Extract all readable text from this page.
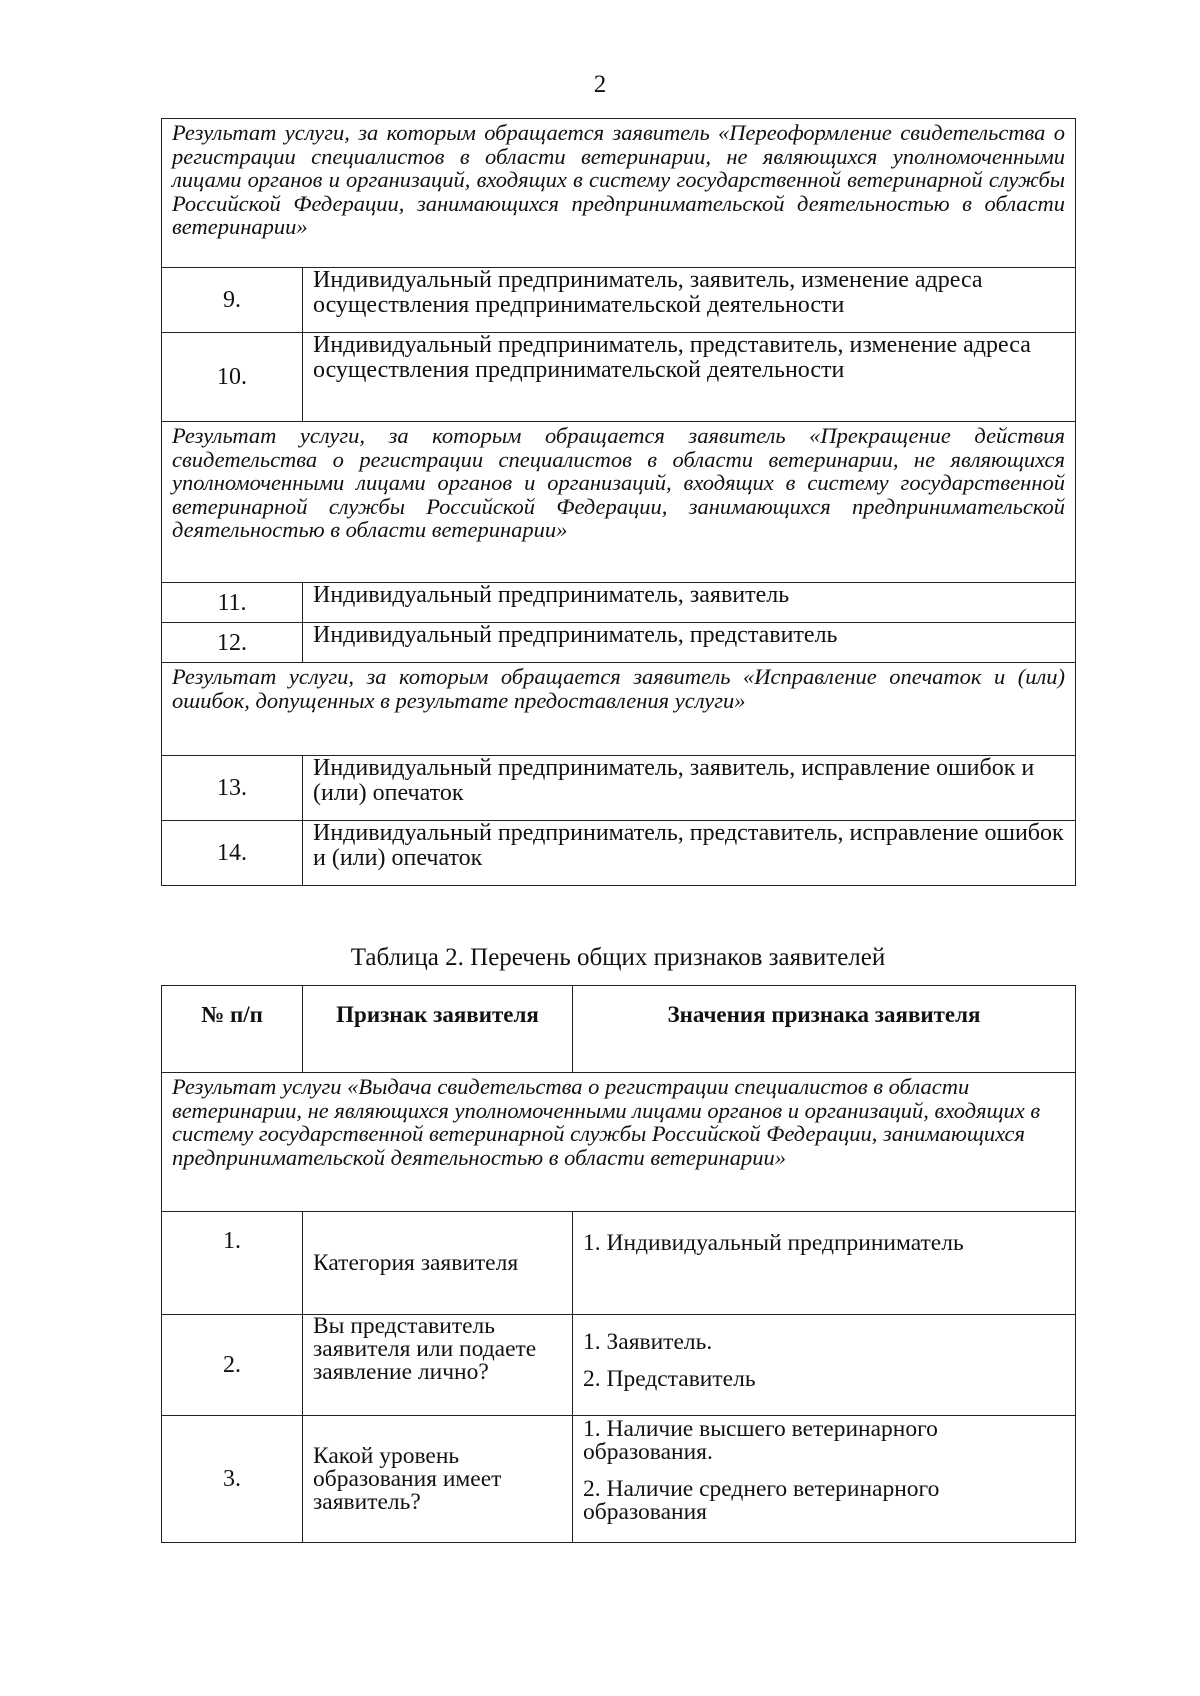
2
Результат услуги, за которым обращается заявитель «Переоформление свидетельства о регистрации специалистов в области ветеринарии, не являющихся уполномоченными лицами органов и организаций, входящих в систему государственной ветеринарной службы Российской Федерации, занимающихся предпринимательской деятельностью в области ветеринарии»	
9.	Индивидуальный предприниматель, заявитель, изменение адреса осуществления предпринимательской деятельности
10.	Индивидуальный предприниматель, представитель, изменение адреса осуществления предпринимательской деятельности
Результат услуги, за которым обращается заявитель «Прекращение действия свидетельства о регистрации специалистов в области ветеринарии, не являющихся уполномоченными лицами органов и организаций, входящих в систему государственной ветеринарной службы Российской Федерации, занимающихся предпринимательской деятельностью в области ветеринарии»	
11.	Индивидуальный предприниматель, заявитель
12.	Индивидуальный предприниматель, представитель
Результат услуги, за которым обращается заявитель «Исправление опечаток и (или) ошибок, допущенных в результате предоставления услуги»	
13.	Индивидуальный предприниматель, заявитель, исправление ошибок и (или) опечаток
14.	Индивидуальный предприниматель, представитель, исправление ошибок и (или) опечаток
Таблица 2. Перечень общих признаков заявителей
№ п/п	Признак заявителя	Значения признака заявителя
Результат услуги «Выдача свидетельства о регистрации специалистов в области ветеринарии, не являющихся уполномоченными лицами органов и организаций, входящих в систему государственной ветеринарной службы Российской Федерации, занимающихся предпринимательской деятельностью в области ветеринарии»		
1.	Категория заявителя	1. Индивидуальный предприниматель

2.	Вы представитель заявителя или подаете заявление лично?	1. Заявитель.

2. Представитель

3.	Какой уровень образования имеет заявитель?	1. Наличие высшего ветеринарного образования.

2. Наличие среднего ветеринарного образования
